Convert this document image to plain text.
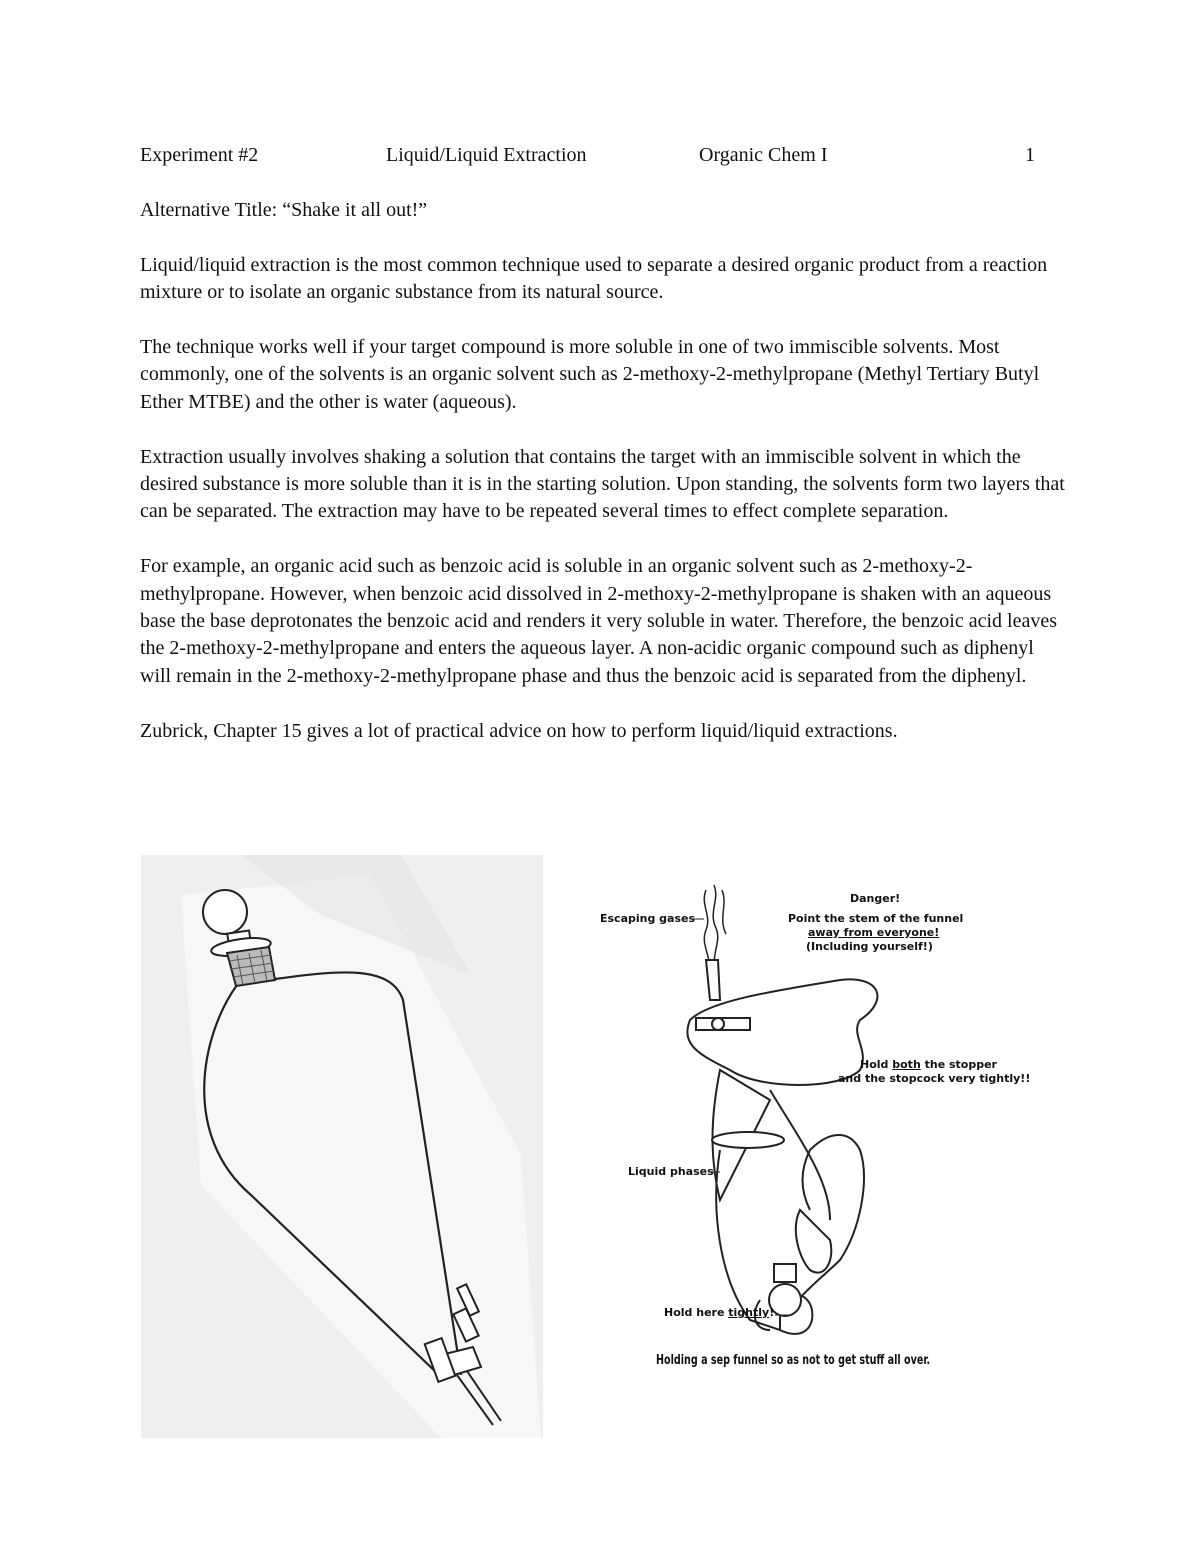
Experiment #2	Liquid/Liquid Extraction	Organic Chem I	1

Alternative Title: “Shake it all out!”

Liquid/liquid extraction is the most common technique used to separate a desired organic product from a reaction mixture or to isolate an organic substance from its natural source.

The technique works well if your target compound is more soluble in one of two immiscible solvents. Most commonly, one of the solvents is an organic solvent such as 2-methoxy-2-methylpropane (Methyl Tertiary Butyl Ether MTBE) and the other is water (aqueous).

Extraction usually involves shaking a solution that contains the target with an immiscible solvent in which the desired substance is more soluble than it is in the starting solution. Upon standing, the solvents form two layers that can be separated. The extraction may have to be repeated several times to effect complete separation.

For example, an organic acid such as benzoic acid is soluble in an organic solvent such as 2-methoxy-2-methylpropane. However, when benzoic acid dissolved in 2-methoxy-2-methylpropane is shaken with an aqueous base the base deprotonates the benzoic acid and renders it very soluble in water. Therefore, the benzoic acid leaves the 2-methoxy-2-methylpropane and enters the aqueous layer. A non-acidic organic compound such as diphenyl will remain in the 2-methoxy-2-methylpropane phase and thus the benzoic acid is separated from the diphenyl.

Zubrick, Chapter 15 gives a lot of practical advice on how to perform liquid/liquid extractions.

Escaping gases
Danger!
Point the stem of the funnel
away from everyone!
(Including yourself!)
Hold both the stopper
and the stopcock very tightly!!
Liquid phases
Hold here tightly!
Holding a sep funnel so as not to get stuff all over.
